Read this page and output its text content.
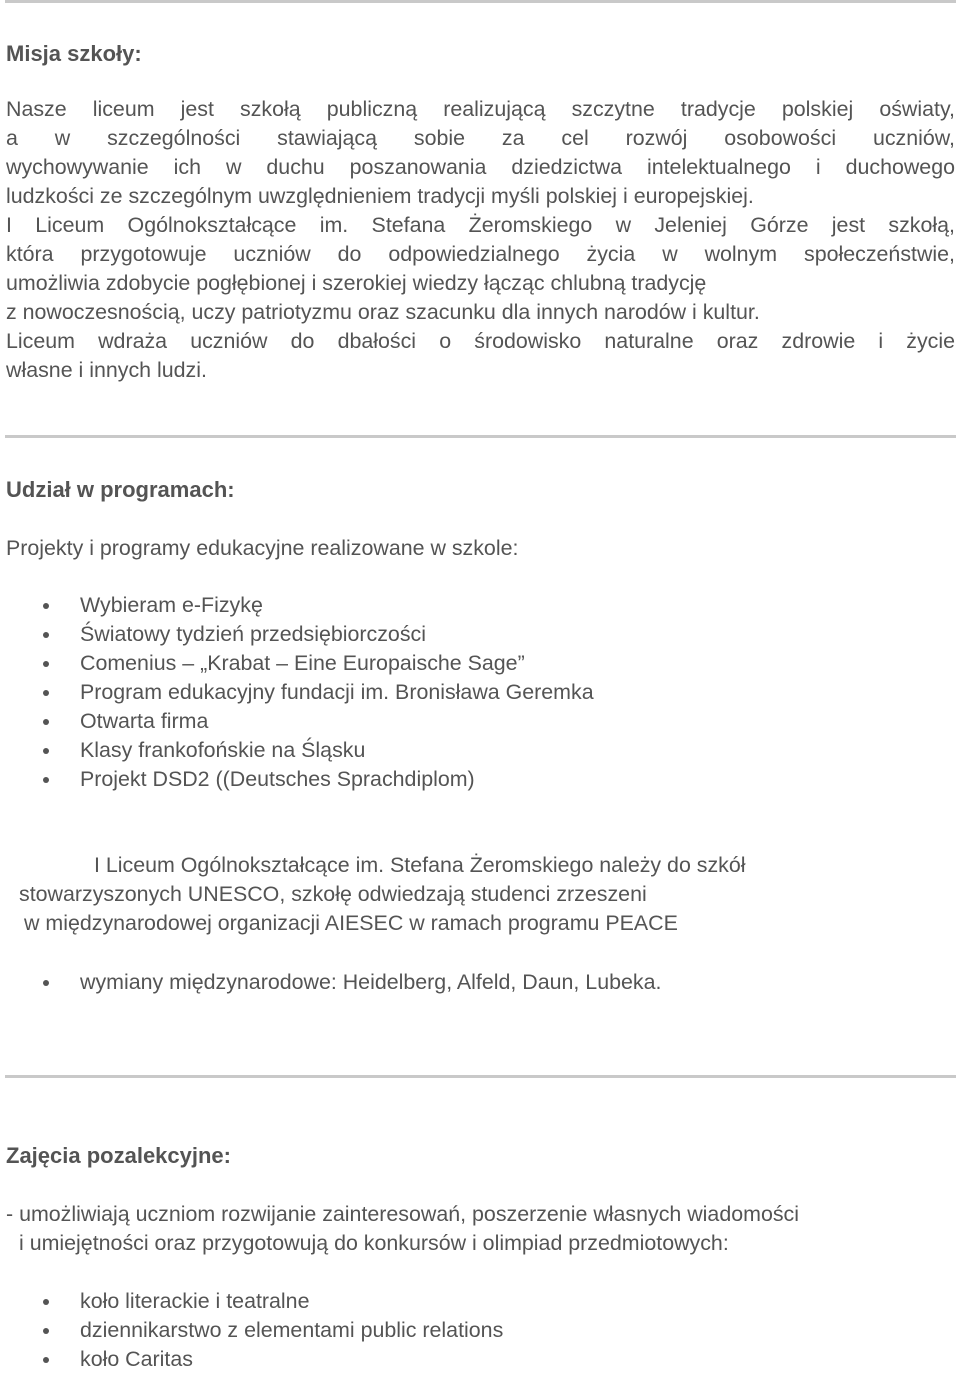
Misja szkoły:
Nasze liceum jest szkołą publiczną realizującą szczytne tradycje polskiej oświaty,
a w szczególności stawiającą sobie za cel rozwój osobowości uczniów,
wychowywanie ich w duchu poszanowania dziedzictwa intelektualnego i duchowego
ludzkości ze szczególnym uwzględnieniem tradycji myśli polskiej i europejskiej.
I Liceum Ogólnokształcące im. Stefana Żeromskiego w Jeleniej Górze jest szkołą,
która przygotowuje uczniów do odpowiedzialnego życia w wolnym społeczeństwie,
umożliwia zdobycie pogłębionej i szerokiej wiedzy łącząc chlubną tradycję
z nowoczesnością, uczy patriotyzmu oraz szacunku dla innych narodów i kultur.
Liceum wdraża uczniów do dbałości o środowisko naturalne oraz zdrowie i życie
własne i innych ludzi.
Udział w programach:
Projekty i programy edukacyjne realizowane w szkole:
Wybieram e-Fizykę
Światowy tydzień przedsiębiorczości
Comenius – „Krabat – Eine Europaische Sage”
Program edukacyjny fundacji im. Bronisława Geremka
Otwarta firma
Klasy frankofońskie na Śląsku
Projekt DSD2 ((Deutsches Sprachdiplom)
I Liceum Ogólnokształcące im. Stefana Żeromskiego należy do szkół
stowarzyszonych UNESCO, szkołę odwiedzają studenci zrzeszeni
w międzynarodowej organizacji AIESEC w ramach programu PEACE
wymiany międzynarodowe: Heidelberg, Alfeld, Daun, Lubeka.
Zajęcia pozalekcyjne:
- umożliwiają uczniom rozwijanie zainteresowań, poszerzenie własnych wiadomości
i umiejętności oraz przygotowują do konkursów i olimpiad przedmiotowych:
koło literackie i teatralne
dziennikarstwo z elementami public relations
koło Caritas
